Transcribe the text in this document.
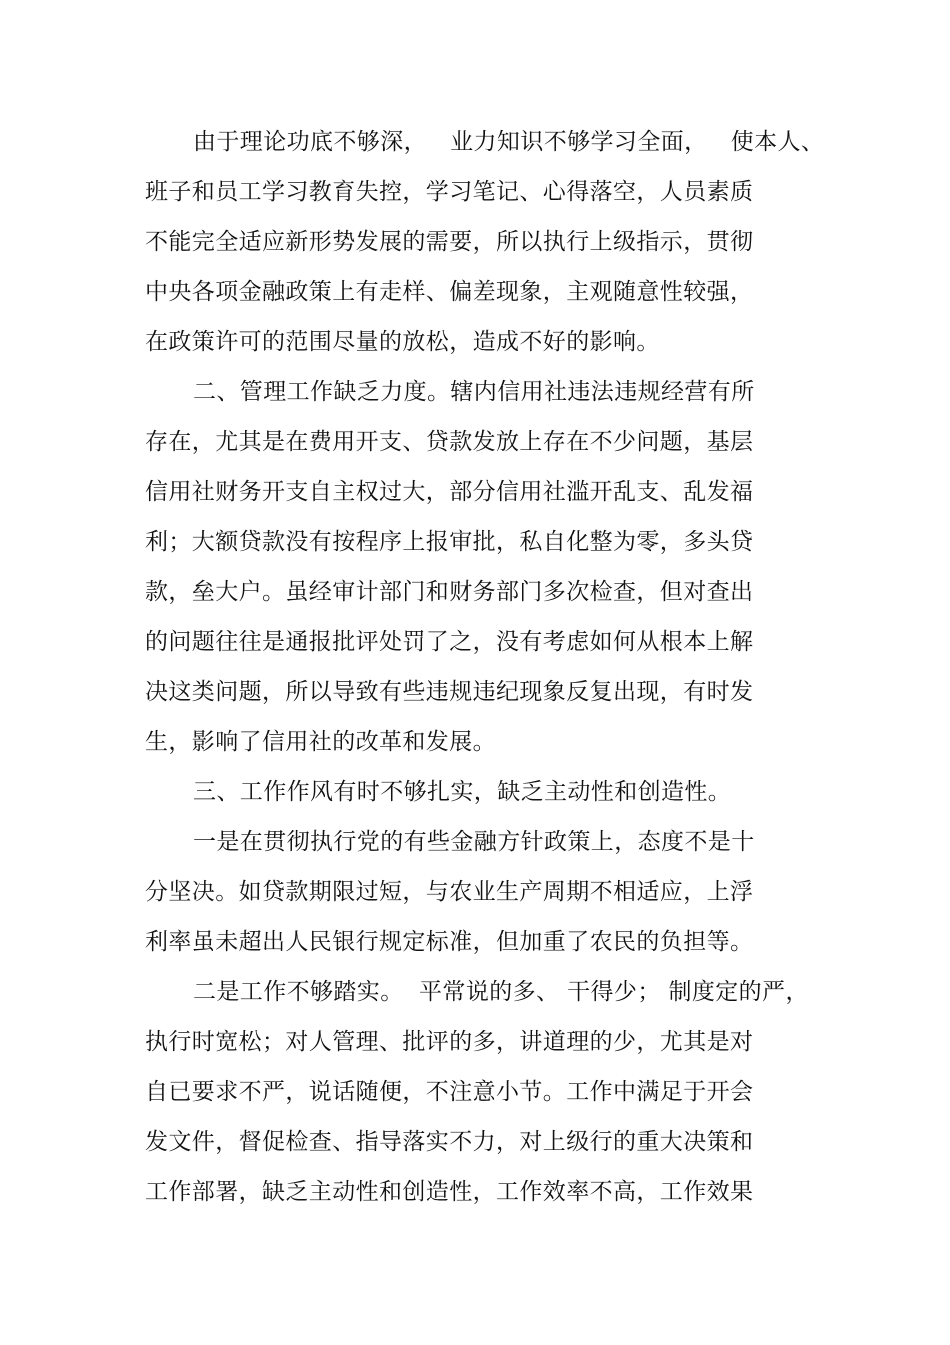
由于理论功底不够深，   业力知识不够学习全面，   使本人、
班子和员工学习教育失控，学习笔记、心得落空，人员素质
不能完全适应新形势发展的需要，所以执行上级指示，贯彻
中央各项金融政策上有走样、偏差现象，主观随意性较强，
在政策许可的范围尽量的放松，造成不好的影响。
二、管理工作缺乏力度。辖内信用社违法违规经营有所
存在，尤其是在费用开支、贷款发放上存在不少问题，基层
信用社财务开支自主权过大，部分信用社滥开乱支、乱发福
利；大额贷款没有按程序上报审批，私自化整为零，多头贷
款，垒大户。虽经审计部门和财务部门多次检查，但对查出
的问题往往是通报批评处罚了之，没有考虑如何从根本上解
决这类问题，所以导致有些违规违纪现象反复出现，有时发
生，影响了信用社的改革和发展。
三、工作作风有时不够扎实，缺乏主动性和创造性。
一是在贯彻执行党的有些金融方针政策上，态度不是十
分坚决。如贷款期限过短，与农业生产周期不相适应，上浮
利率虽未超出人民银行规定标准，但加重了农民的负担等。
二是工作不够踏实。  平常说的多、 干得少； 制度定的严，
执行时宽松；对人管理、批评的多，讲道理的少，尤其是对
自已要求不严，说话随便，不注意小节。工作中满足于开会
发文件，督促检查、指导落实不力，对上级行的重大决策和
工作部署，缺乏主动性和创造性，工作效率不高，工作效果
